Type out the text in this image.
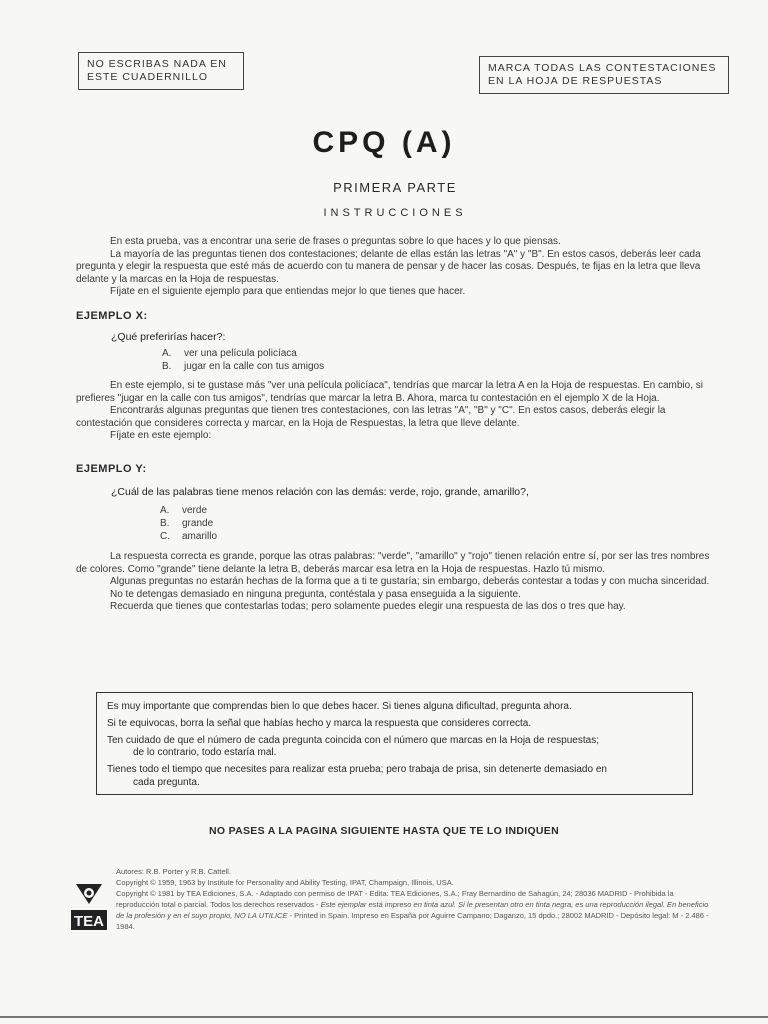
NO ESCRIBAS NADA EN
ESTE CUADERNILLO
MARCA TODAS LAS CONTESTACIONES
EN LA HOJA DE RESPUESTAS
CPQ (A)
PRIMERA PARTE
INSTRUCCIONES
En esta prueba, vas a encontrar una serie de frases o preguntas sobre lo que haces y lo que piensas.
La mayoría de las preguntas tienen dos contestaciones; delante de ellas están las letras "A" y "B". En estos casos, deberás leer cada pregunta y elegir la respuesta que esté más de acuerdo con tu manera de pensar y de hacer las cosas. Después, te fijas en la letra que lleva delante y la marcas en la Hoja de respuestas.
Fíjate en el siguiente ejemplo para que entiendas mejor lo que tienes que hacer.
EJEMPLO X:
¿Qué preferirías hacer?:
A. ver una película policíaca
B. jugar en la calle con tus amigos
En este ejemplo, si te gustase más "ver una película policíaca", tendrías que marcar la letra A en la Hoja de respuestas. En cambio, si prefieres "jugar en la calle con tus amigos", tendrías que marcar la letra B. Ahora, marca tu contestación en el ejemplo X de la Hoja.
Encontrarás algunas preguntas que tienen tres contestaciones, con las letras "A", "B" y "C". En estos casos, deberás elegir la contestación que consideres correcta y marcar, en la Hoja de Respuestas, la letra que lleve delante.
Fíjate en este ejemplo:
EJEMPLO Y:
¿Cuál de las palabras tiene menos relación con las demás: verde, rojo, grande, amarillo?,
A. verde
B. grande
C. amarillo
La respuesta correcta es grande, porque las otras palabras: "verde", "amarillo" y "rojo" tienen relación entre sí, por ser las tres nombres de colores. Como "grande" tiene delante la letra B, deberás marcar esa letra en la Hoja de respuestas. Hazlo tú mismo.
Algunas preguntas no estarán hechas de la forma que a ti te gustaría; sin embargo, deberás contestar a todas y con mucha sinceridad.
No te detengas demasiado en ninguna pregunta, contéstala y pasa enseguida a la siguiente.
Recuerda que tienes que contestarlas todas; pero solamente puedes elegir una respuesta de las dos o tres que hay.
Es muy importante que comprendas bien lo que debes hacer. Si tienes alguna dificultad, pregunta ahora.
Si te equivocas, borra la señal que habías hecho y marca la respuesta que consideres correcta.
Ten cuidado de que el número de cada pregunta coincida con el número que marcas en la Hoja de respuestas;
de lo contrario, todo estaría mal.
Tienes todo el tiempo que necesites para realizar esta prueba; pero trabaja de prisa, sin detenerte demasiado en
cada pregunta.
NO PASES A LA PAGINA SIGUIENTE HASTA QUE TE LO INDIQUEN
TEA
Autores: R.B. Porter y R.B. Cattell.
Copyright © 1959, 1963 by Institute for Personality and Ability Testing, IPAT, Champaign, Illinois, USA.
Copyright © 1981 by TEA Ediciones, S.A. - Adaptado con permiso de IPAT - Edita: TEA Ediciones, S.A.; Fray Bernardino de Sahagún, 24; 28036 MADRID - Prohibida la reproducción total o parcial. Todos los derechos reservados - Este ejemplar está impreso en tinta azul. Si le presentan otro en tinta negra, es una reproducción ilegal. En beneficio de la profesión y en el suyo propio, NO LA UTILICE - Printed in Spain. Impreso en España por Aguirre Campano; Daganzo, 15 dpdo.; 28002 MADRID - Depósito legal: M - 2.486 - 1984.
